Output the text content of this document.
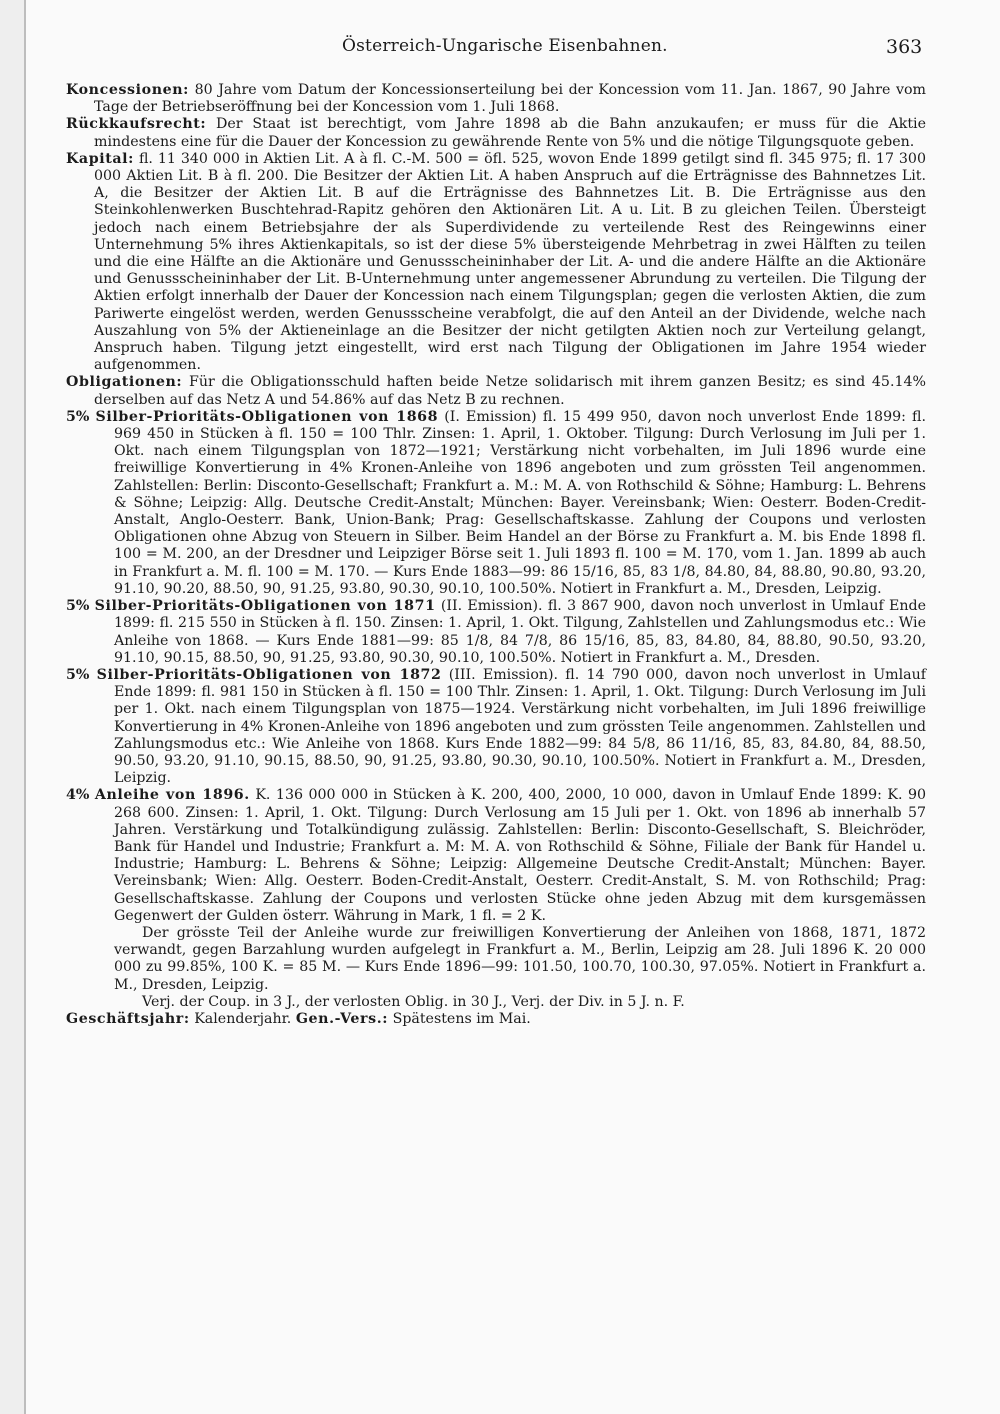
Österreich-Ungarische Eisenbahnen.	363

Koncessionen: 80 Jahre vom Datum der Koncessionserteilung bei der Koncession vom 11. Jan. 1867, 90 Jahre vom Tage der Betriebseröffnung bei der Koncession vom 1. Juli 1868.

Rückkaufsrecht: Der Staat ist berechtigt, vom Jahre 1898 ab die Bahn anzukaufen; er muss für die Aktie mindestens eine für die Dauer der Koncession zu gewährende Rente von 5% und die nötige Tilgungsquote geben.

Kapital: fl. 11 340 000 in Aktien Lit. A à fl. C.-M. 500 = öfl. 525, wovon Ende 1899 getilgt sind fl. 345 975; fl. 17 300 000 Aktien Lit. B à fl. 200. Die Besitzer der Aktien Lit. A haben Anspruch auf die Erträgnisse des Bahnnetzes Lit. A, die Besitzer der Aktien Lit. B auf die Erträgnisse des Bahnnetzes Lit. B. Die Erträgnisse aus den Steinkohlenwerken Buschtehrad-Rapitz gehören den Aktionären Lit. A u. Lit. B zu gleichen Teilen. Übersteigt jedoch nach einem Betriebsjahre der als Superdividende zu verteilende Rest des Reingewinns einer Unternehmung 5% ihres Aktienkapitals, so ist der diese 5% übersteigende Mehrbetrag in zwei Hälften zu teilen und die eine Hälfte an die Aktionäre und Genussscheininhaber der Lit. A- und die andere Hälfte an die Aktionäre und Genussscheininhaber der Lit. B-Unternehmung unter angemessener Abrundung zu verteilen. Die Tilgung der Aktien erfolgt innerhalb der Dauer der Koncession nach einem Tilgungsplan; gegen die verlosten Aktien, die zum Pariwerte eingelöst werden, werden Genussscheine verabfolgt, die auf den Anteil an der Dividende, welche nach Auszahlung von 5% der Aktieneinlage an die Besitzer der nicht getilgten Aktien noch zur Verteilung gelangt, Anspruch haben. Tilgung jetzt eingestellt, wird erst nach Tilgung der Obligationen im Jahre 1954 wieder aufgenommen.

Obligationen: Für die Obligationsschuld haften beide Netze solidarisch mit ihrem ganzen Besitz; es sind 45.14% derselben auf das Netz A und 54.86% auf das Netz B zu rechnen.

5% Silber-Prioritäts-Obligationen von 1868 (I. Emission) fl. 15 499 950, davon noch unverlost Ende 1899: fl. 969 450 in Stücken à fl. 150 = 100 Thlr. Zinsen: 1. April, 1. Oktober. Tilgung: Durch Verlosung im Juli per 1. Okt. nach einem Tilgungsplan von 1872—1921; Verstärkung nicht vorbehalten, im Juli 1896 wurde eine freiwillige Konvertierung in 4% Kronen-Anleihe von 1896 angeboten und zum grössten Teil angenommen. Zahlstellen: Berlin: Disconto-Gesellschaft; Frankfurt a. M.: M. A. von Rothschild & Söhne; Hamburg: L. Behrens & Söhne; Leipzig: Allg. Deutsche Credit-Anstalt; München: Bayer. Vereinsbank; Wien: Oesterr. Boden-Credit-Anstalt, Anglo-Oesterr. Bank, Union-Bank; Prag: Gesellschaftskasse. Zahlung der Coupons und verlosten Obligationen ohne Abzug von Steuern in Silber. Beim Handel an der Börse zu Frankfurt a. M. bis Ende 1898 fl. 100 = M. 200, an der Dresdner und Leipziger Börse seit 1. Juli 1893 fl. 100 = M. 170, vom 1. Jan. 1899 ab auch in Frankfurt a. M. fl. 100 = M. 170. — Kurs Ende 1883—99: 86 15/16, 85, 83 1/8, 84.80, 84, 88.80, 90.80, 93.20, 91.10, 90.20, 88.50, 90, 91.25, 93.80, 90.30, 90.10, 100.50%. Notiert in Frankfurt a. M., Dresden, Leipzig.

5% Silber-Prioritäts-Obligationen von 1871 (II. Emission). fl. 3 867 900, davon noch unverlost in Umlauf Ende 1899: fl. 215 550 in Stücken à fl. 150. Zinsen: 1. April, 1. Okt. Tilgung, Zahlstellen und Zahlungsmodus etc.: Wie Anleihe von 1868. — Kurs Ende 1881—99: 85 1/8, 84 7/8, 86 15/16, 85, 83, 84.80, 84, 88.80, 90.50, 93.20, 91.10, 90.15, 88.50, 90, 91.25, 93.80, 90.30, 90.10, 100.50%. Notiert in Frankfurt a. M., Dresden.

5% Silber-Prioritäts-Obligationen von 1872 (III. Emission). fl. 14 790 000, davon noch unverlost in Umlauf Ende 1899: fl. 981 150 in Stücken à fl. 150 = 100 Thlr. Zinsen: 1. April, 1. Okt. Tilgung: Durch Verlosung im Juli per 1. Okt. nach einem Tilgungsplan von 1875—1924. Verstärkung nicht vorbehalten, im Juli 1896 freiwillige Konvertierung in 4% Kronen-Anleihe von 1896 angeboten und zum grössten Teile angenommen. Zahlstellen und Zahlungsmodus etc.: Wie Anleihe von 1868. Kurs Ende 1882—99: 84 5/8, 86 11/16, 85, 83, 84.80, 84, 88.50, 90.50, 93.20, 91.10, 90.15, 88.50, 90, 91.25, 93.80, 90.30, 90.10, 100.50%. Notiert in Frankfurt a. M., Dresden, Leipzig.

4% Anleihe von 1896. K. 136 000 000 in Stücken à K. 200, 400, 2000, 10 000, davon in Umlauf Ende 1899: K. 90 268 600. Zinsen: 1. April, 1. Okt. Tilgung: Durch Verlosung am 15 Juli per 1. Okt. von 1896 ab innerhalb 57 Jahren. Verstärkung und Totalkündigung zulässig. Zahlstellen: Berlin: Disconto-Gesellschaft, S. Bleichröder, Bank für Handel und Industrie; Frankfurt a. M: M. A. von Rothschild & Söhne, Filiale der Bank für Handel u. Industrie; Hamburg: L. Behrens & Söhne; Leipzig: Allgemeine Deutsche Credit-Anstalt; München: Bayer. Vereinsbank; Wien: Allg. Oesterr. Boden-Credit-Anstalt, Oesterr. Credit-Anstalt, S. M. von Rothschild; Prag: Gesellschaftskasse. Zahlung der Coupons und verlosten Stücke ohne jeden Abzug mit dem kursgemässen Gegenwert der Gulden österr. Währung in Mark, 1 fl. = 2 K.

Der grösste Teil der Anleihe wurde zur freiwilligen Konvertierung der Anleihen von 1868, 1871, 1872 verwandt, gegen Barzahlung wurden aufgelegt in Frankfurt a. M., Berlin, Leipzig am 28. Juli 1896 K. 20 000 000 zu 99.85%, 100 K. = 85 M. — Kurs Ende 1896—99: 101.50, 100.70, 100.30, 97.05%. Notiert in Frankfurt a. M., Dresden, Leipzig.

Verj. der Coup. in 3 J., der verlosten Oblig. in 30 J., Verj. der Div. in 5 J. n. F.

Geschäftsjahr: Kalenderjahr. Gen.-Vers.: Spätestens im Mai.
